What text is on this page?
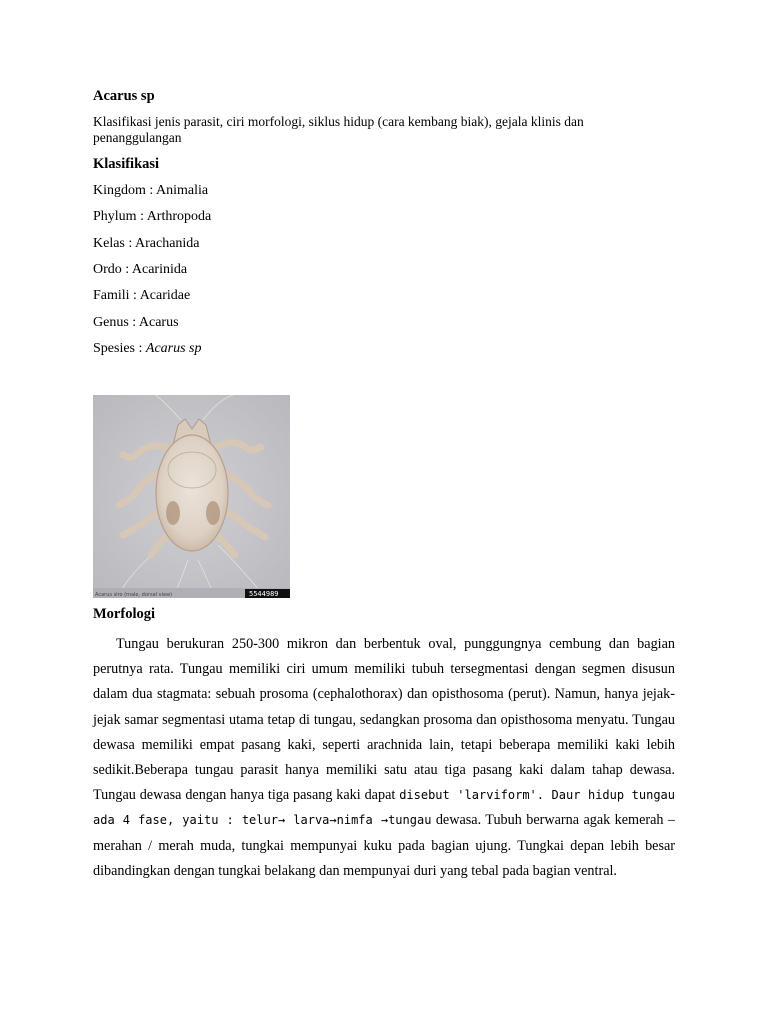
Acarus sp
Klasifikasi jenis parasit, ciri morfologi, siklus hidup (cara kembang biak), gejala klinis dan penanggulangan
Klasifikasi
Kingdom : Animalia
Phylum : Arthropoda
Kelas : Arachanida
Ordo : Acarinida
Famili : Acaridae
Genus : Acarus
Spesies : Acarus sp
Acarus siro (male, dorsal view)	5544989
Morfologi

Tungau berukuran 250-300 mikron dan berbentuk oval, punggungnya cembung dan bagian perutnya rata. Tungau memiliki ciri umum memiliki tubuh tersegmentasi dengan segmen disusun dalam dua stagmata: sebuah prosoma (cephalothorax) dan opisthosoma (perut). Namun, hanya jejak-jejak samar segmentasi utama tetap di tungau, sedangkan prosoma dan opisthosoma menyatu. Tungau dewasa memiliki empat pasang kaki, seperti arachnida lain, tetapi beberapa memiliki kaki lebih sedikit.Beberapa tungau parasit hanya memiliki satu atau tiga pasang kaki dalam tahap dewasa. Tungau dewasa dengan hanya tiga pasang kaki dapat disebut 'larviform'. Daur hidup tungau ada 4 fase, yaitu : telur→ larva→nimfa →tungau dewasa. Tubuh berwarna agak kemerah – merahan / merah muda, tungkai mempunyai kuku pada bagian ujung. Tungkai depan lebih besar dibandingkan dengan tungkai belakang dan mempunyai duri yang tebal pada bagian ventral.
